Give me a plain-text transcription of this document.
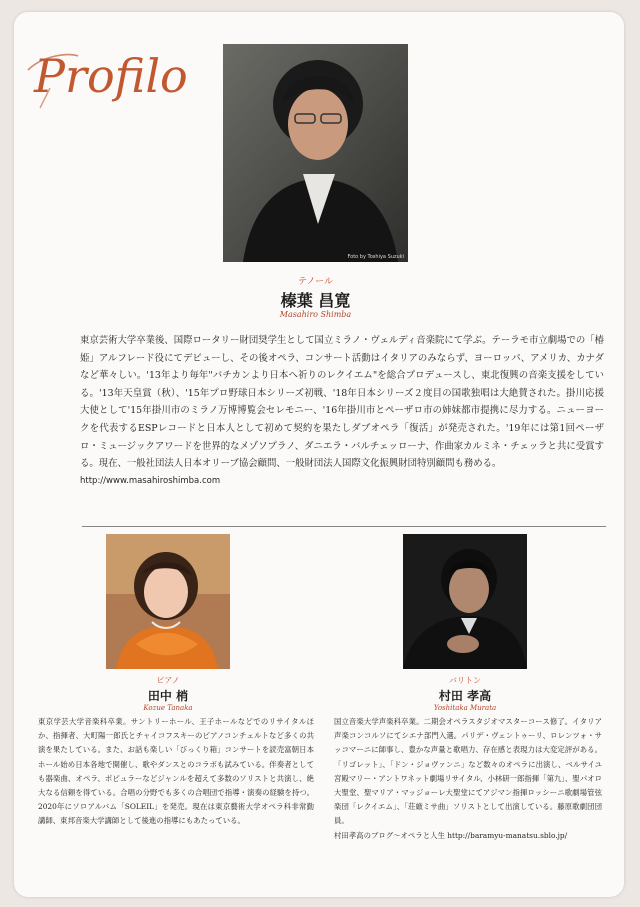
Profilo
Foto by Toshiya Suzuki
テノール
榛葉 昌寛
Masahiro Shimba

東京芸術大学卒業後、国際ロータリー財団奨学生として国立ミラノ・ヴェルディ音楽院にて学ぶ。テーラモ市立劇場での「椿姫」アルフレード役にてデビューし、その後オペラ、コンサート活動はイタリアのみならず、ヨーロッパ、アメリカ、カナダなど華々しい。'13年より毎年"バチカンより日本へ祈りのレクイエム"を総合プロデュースし、東北復興の音楽支援をしている。'13年天皇賞（秋）、'15年プロ野球日本シリーズ初戦、'18年日本シリーズ２度目の国歌独唱は大絶賛された。掛川応援大使として'15年掛川市のミラノ万博博覧会セレモニー、'16年掛川市とペーザロ市の姉妹都市提携に尽力する。ニューヨークを代表するESPレコードと日本人として初めて契約を果たしダブオペラ「復活」が発売された。'19年には第1回ペーザロ・ミュージックアワードを世界的なメゾソプラノ、ダニエラ・バルチェッローナ、作曲家カルミネ・チェッラと共に受賞する。現在、一般社団法人日本オリーブ協会顧問、一般財団法人国際文化振興財団特別顧問も務める。

http://www.masahiroshimba.com

ピアノ
田中 梢
Kozue Tanaka

東京学芸大学音楽科卒業。サントリーホール、王子ホールなどでのリサイタルほか、指揮者、大町陽一郎氏とチャイコフスキーのピアノコンチェルトなど多くの共演を果たしている。また、お話も楽しい「びっくり箱」コンサートを読売富朝日本ホール始め日本各地で開催し、歌やダンスとのコラボも試みている。伴奏者としても器楽曲、オペラ、ポピュラーなどジャンルを超えて多数のソリストと共演し、絶大なる信頼を得ている。合唱の分野でも多くの合唱団で指導・演奏の経験を持つ。2020年にソロアルバム「SOLEIL」を発売。現在は東京藝術大学オペラ科非常勤講師、東邦音楽大学講師として後進の指導にもあたっている。

バリトン
村田 孝高
Yoshitaka Murata

国立音楽大学声楽科卒業。二期会オペラスタジオマスターコース修了。イタリア声楽コンコルソにてシエナ部門入選。パリデ・ヴェントゥーリ、ロレンツォ・サッコマーニに師事し、豊かな声量と歌唱力、存在感と表現力は大変定評がある。「リゴレット」、「ドン・ジョヴァンニ」など数々のオペラに出演し、ベルサイユ宮殿マリー・アントワネット劇場リサイタル、小林研一郎指揮「第九」、聖パオロ大聖堂、聖マリア・マッジョーレ大聖堂にてアジマン指揮ロッシーニ歌劇場管弦楽団「レクイエム」、「荘厳ミサ曲」ソリストとして出演している。藤原歌劇団団員。

村田孝高のブログ〜オペラと人生 http://baramyu-manatsu.sblo.jp/
